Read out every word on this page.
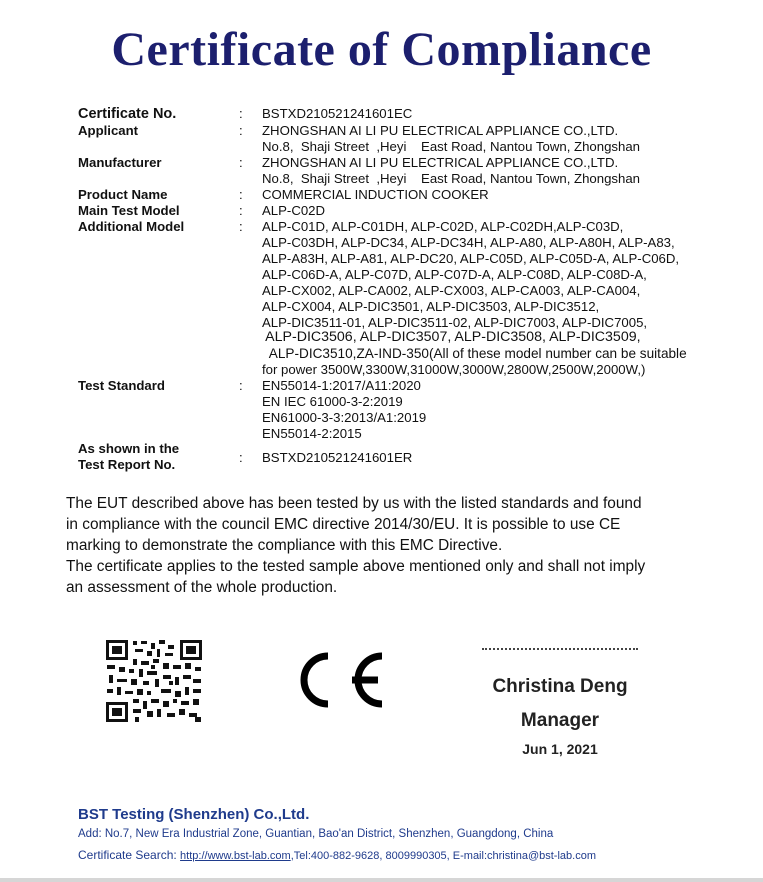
Certificate of Compliance
Certificate No.	: BSTXD210521241601EC
Applicant	: ZHONGSHAN AI LI PU ELECTRICAL APPLIANCE CO.,LTD.
No.8,  Shaji Street  ,Heyi    East Road, Nantou Town, Zhongshan
Manufacturer	: ZHONGSHAN AI LI PU ELECTRICAL APPLIANCE CO.,LTD.
No.8,  Shaji Street  ,Heyi    East Road, Nantou Town, Zhongshan
Product Name	: COMMERCIAL INDUCTION COOKER
Main Test Model	: ALP-C02D
Additional Model	: ALP-C01D, ALP-C01DH, ALP-C02D, ALP-C02DH,ALP-C03D,
ALP-C03DH, ALP-DC34, ALP-DC34H, ALP-A80, ALP-A80H, ALP-A83,
ALP-A83H, ALP-A81, ALP-DC20, ALP-C05D, ALP-C05D-A, ALP-C06D,
ALP-C06D-A, ALP-C07D, ALP-C07D-A, ALP-C08D, ALP-C08D-A,
ALP-CX002, ALP-CA002, ALP-CX003, ALP-CA003, ALP-CA004,
ALP-CX004, ALP-DIC3501, ALP-DIC3503, ALP-DIC3512,
ALP-DIC3511-01, ALP-DIC3511-02, ALP-DIC7003, ALP-DIC7005,
ALP-DIC3506, ALP-DIC3507, ALP-DIC3508, ALP-DIC3509,
ALP-DIC3510,ZA-IND-350(All of these model number can be suitable
for power 3500W,3300W,31000W,3000W,2800W,2500W,2000W,)
Test Standard	: EN55014-1:2017/A11:2020
EN IEC 61000-3-2:2019
EN61000-3-3:2013/A1:2019
EN55014-2:2015
As shown in the
Test Report No.	: BSTXD210521241601ER
The EUT described above has been tested by us with the listed standards and found
in compliance with the council EMC directive 2014/30/EU. It is possible to use CE
marking to demonstrate the compliance with this EMC Directive.
The certificate applies to the tested sample above mentioned only and shall not imply
an assessment of the whole production.
Christina Deng
Manager
Jun 1, 2021
BST Testing (Shenzhen) Co.,Ltd.
Add: No.7, New Era Industrial Zone, Guantian, Bao'an District, Shenzhen, Guangdong, China
Certificate Search: http://www.bst-lab.com,Tel:400-882-9628, 8009990305, E-mail:christina@bst-lab.com
